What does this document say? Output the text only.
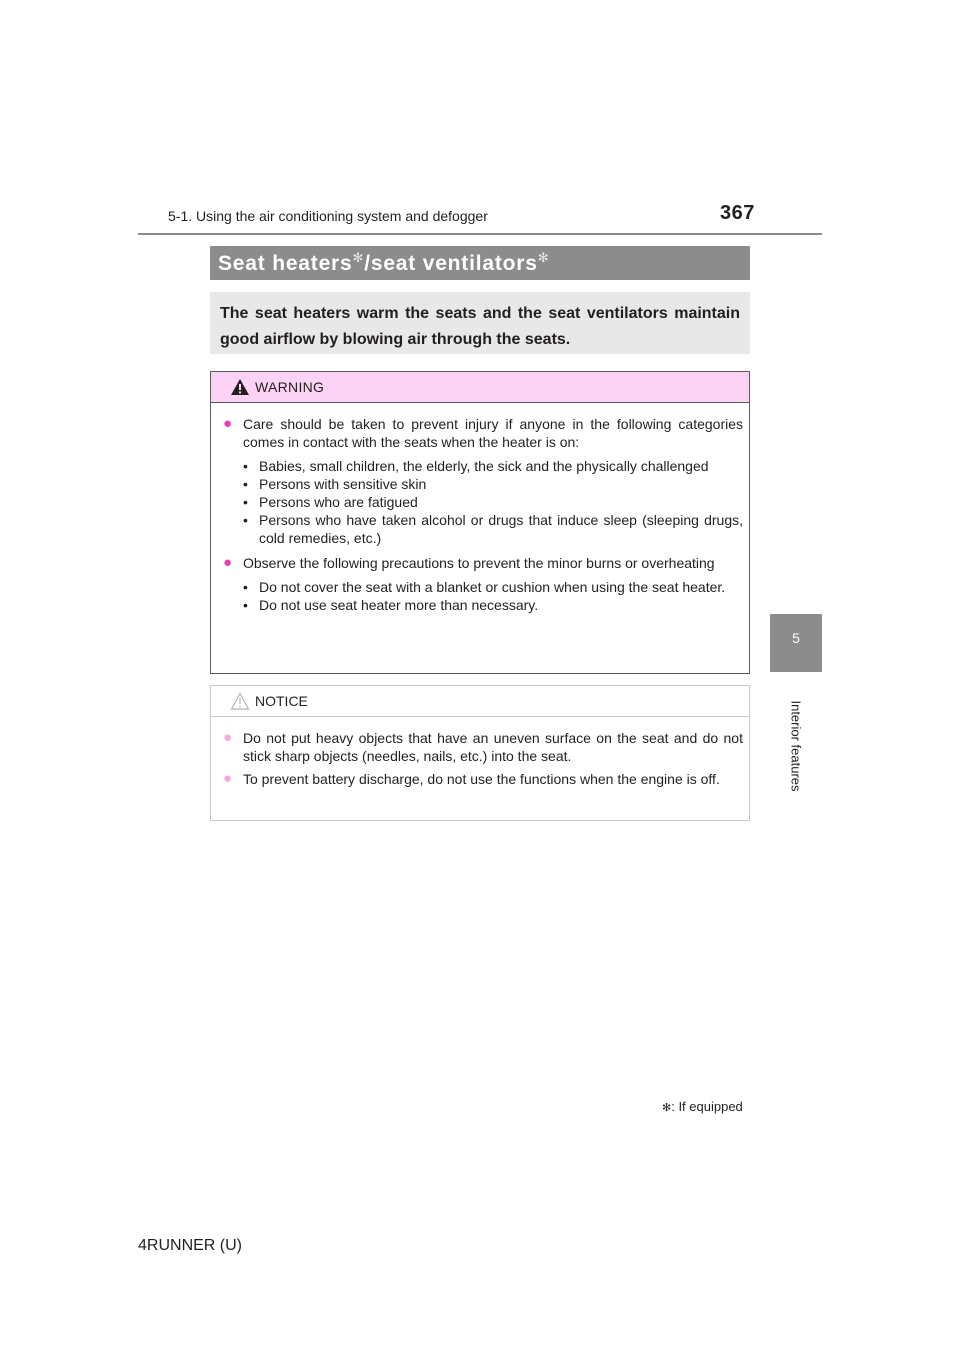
5-1. Using the air conditioning system and defogger	367
5
Interior features
Seat heaters✻/seat ventilators✻
The seat heaters warm the seats and the seat ventilators maintain good airflow by blowing air through the seats.
WARNING
● Care should be taken to prevent injury if anyone in the following categories comes in contact with the seats when the heater is on:
• Babies, small children, the elderly, the sick and the physically challenged
• Persons with sensitive skin
• Persons who are fatigued
• Persons who have taken alcohol or drugs that induce sleep (sleeping drugs, cold remedies, etc.)
● Observe the following precautions to prevent the minor burns or overheating
• Do not cover the seat with a blanket or cushion when using the seat heater.
• Do not use seat heater more than necessary.
NOTICE
● Do not put heavy objects that have an uneven surface on the seat and do not stick sharp objects (needles, nails, etc.) into the seat.
● To prevent battery discharge, do not use the functions when the engine is off.
✻: If equipped
4RUNNER (U)
